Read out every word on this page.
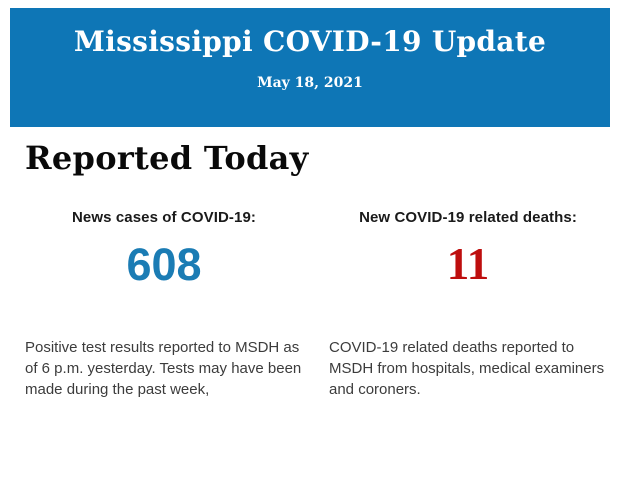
Mississippi COVID-19 Update
May 18, 2021
Reported Today
News cases of COVID-19:
608
Positive test results reported to MSDH as of 6 p.m. yesterday. Tests may have been made during the past week,
New COVID-19 related deaths:
11
COVID-19 related deaths reported to MSDH from hospitals, medical examiners and coroners.
